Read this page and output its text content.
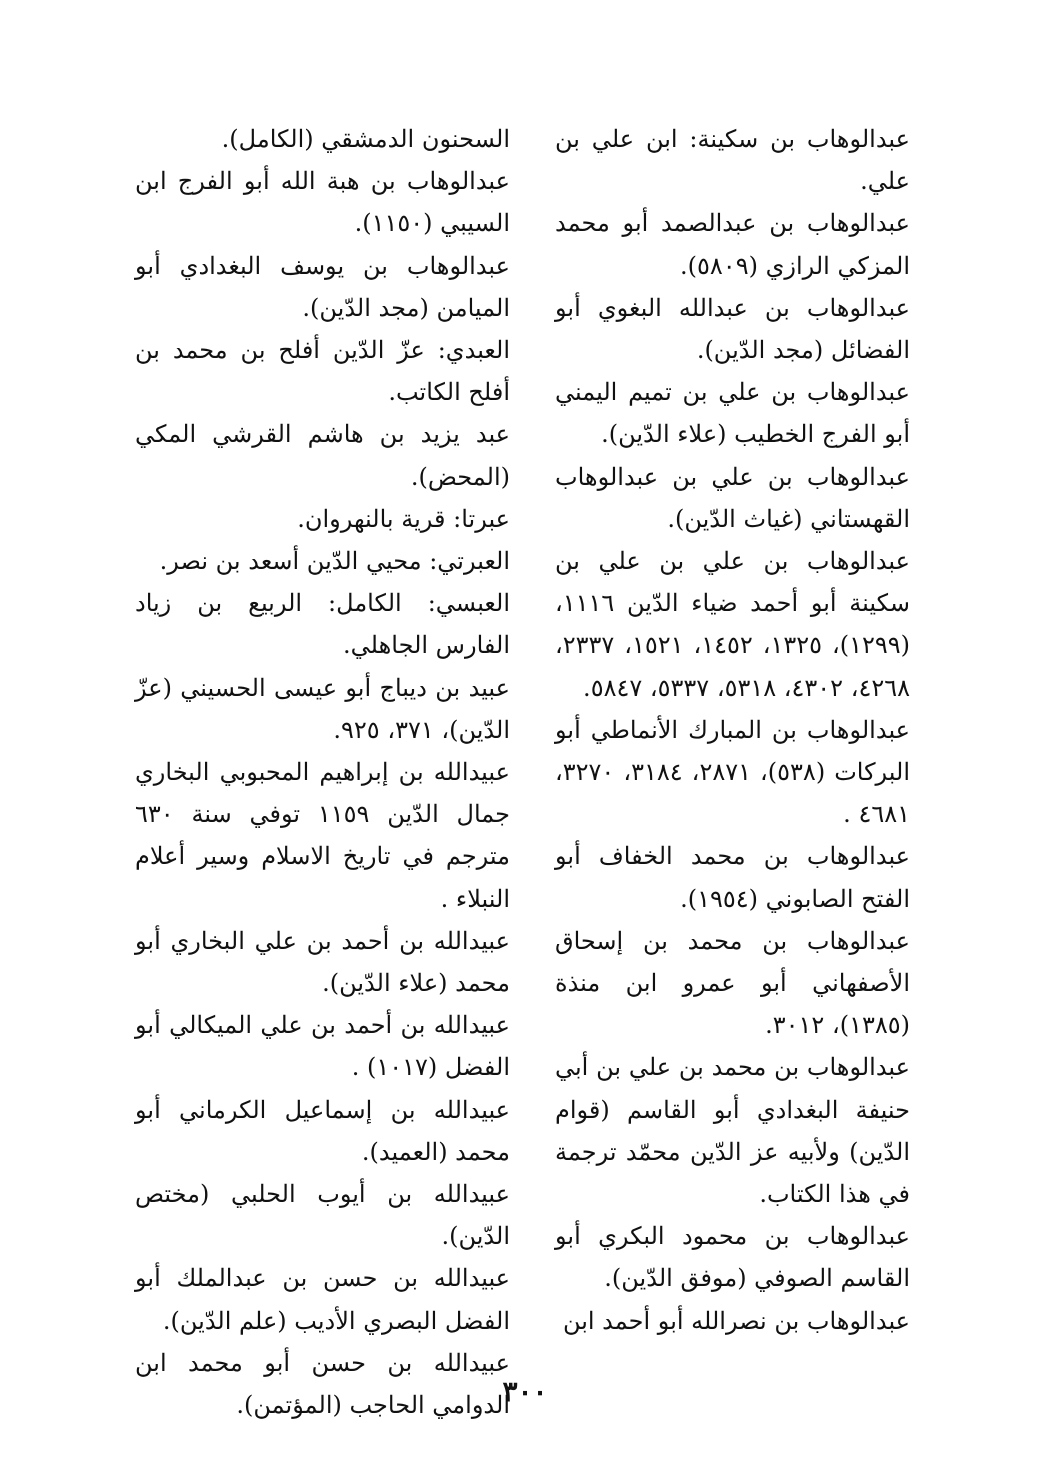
عبدالوهاب بن سكينة: ابن علي بن علي.

عبدالوهاب بن عبدالصمد أبو محمد المزكي الرازي (٥٨٠٩).

عبدالوهاب بن عبدالله البغوي أبو الفضائل (مجد الدّين).

عبدالوهاب بن علي بن تميم اليمني أبو الفرج الخطيب (علاء الدّين).

عبدالوهاب بن علي بن عبدالوهاب القهستاني (غياث الدّين).

عبدالوهاب بن علي بن علي بن سكينة أبو أحمد ضياء الدّين ١١١٦، (١٢٩٩)، ١٣٢٥، ١٤٥٢، ١٥٢١، ٢٣٣٧، ٤٢٦٨، ٤٣٠٢، ٥٣١٨، ٥٣٣٧، ٥٨٤٧.

عبدالوهاب بن المبارك الأنماطي أبو البركات (٥٣٨)، ٢٨٧١، ٣١٨٤، ٣٢٧٠، ٤٦٨١ .

عبدالوهاب بن محمد الخفاف أبو الفتح الصابوني (١٩٥٤).

عبدالوهاب بن محمد بن إسحاق الأصفهاني أبو عمرو ابن منذة (١٣٨٥)، ٣٠١٢.

عبدالوهاب بن محمد بن علي بن أبي حنيفة البغدادي أبو القاسم (قوام الدّين) ولأبيه عز الدّين محمّد ترجمة في هذا الكتاب.

عبدالوهاب بن محمود البكري أبو القاسم الصوفي (موفق الدّين).

عبدالوهاب بن نصرالله أبو أحمد ابن

السحنون الدمشقي (الكامل).

عبدالوهاب بن هبة الله أبو الفرج ابن السيبي (١١٥٠).

عبدالوهاب بن يوسف البغدادي أبو الميامن (مجد الدّين).

العبدي: عزّ الدّين أفلح بن محمد بن أفلح الكاتب.

عبد يزيد بن هاشم القرشي المكي (المحض).

عبرتا: قرية بالنهروان.

العبرتي: محيي الدّين أسعد بن نصر.

العبسي: الكامل: الربيع بن زياد الفارس الجاهلي.

عبيد بن ديباج أبو عيسى الحسيني (عزّ الدّين)، ٣٧١، ٩٢٥.

عبيدالله بن إبراهيم المحبوبي البخاري جمال الدّين ١١٥٩ توفي سنة ٦٣٠ مترجم في تاريخ الاسلام وسير أعلام النبلاء .

عبيدالله بن أحمد بن علي البخاري أبو محمد (علاء الدّين).

عبيدالله بن أحمد بن علي الميكالي أبو الفضل (١٠١٧) .

عبيدالله بن إسماعيل الكرماني أبو محمد (العميد).

عبيدالله بن أيوب الحلبي (مختص الدّين).

عبيدالله بن حسن بن عبدالملك أبو الفضل البصري الأديب (علم الدّين).

عبيدالله بن حسن أبو محمد ابن الدوامي الحاجب (المؤتمن).

٣٠٠
